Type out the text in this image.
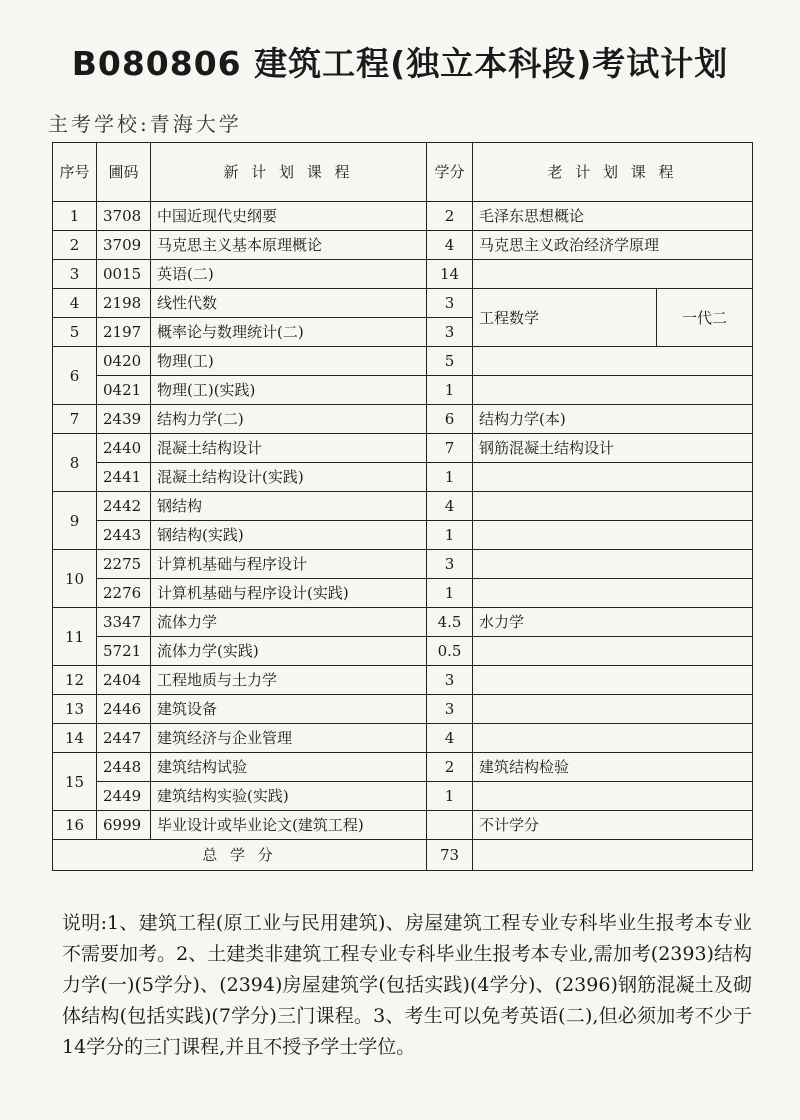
B080806 建筑工程(独立本科段)考试计划
主考学校:青海大学
序号	圃码	新 计 划 课 程	学分	老 计 划 课 程	
1	3708	中国近现代史纲要	2	毛泽东思想概论	
2	3709	马克思主义基本原理概论	4	马克思主义政治经济学原理	
3	0015	英语(二)	14		
4	2198	线性代数	3	工程数学	一代二
5	2197	概率论与数理统计(二)	3		
6	0420	物理(工)	5		
	0421	物理(工)(实践)	1		
7	2439	结构力学(二)	6	结构力学(本)	
8	2440	混凝土结构设计	7	钢筋混凝土结构设计	
	2441	混凝土结构设计(实践)	1		
9	2442	钢结构	4		
	2443	钢结构(实践)	1		
10	2275	计算机基础与程序设计	3		
	2276	计算机基础与程序设计(实践)	1		
11	3347	流体力学	4.5	水力学	
	5721	流体力学(实践)	0.5		
12	2404	工程地质与土力学	3		
13	2446	建筑设备	3		
14	2447	建筑经济与企业管理	4		
15	2448	建筑结构试验	2	建筑结构检验	
	2449	建筑结构实验(实践)	1		
16	6999	毕业设计或毕业论文(建筑工程)		不计学分	
总 学 分			73		
说明:1、建筑工程(原工业与民用建筑)、房屋建筑工程专业专科毕业生报考本专业不需要加考。2、土建类非建筑工程专业专科毕业生报考本专业,需加考(2393)结构力学(一)(5学分)、(2394)房屋建筑学(包括实践)(4学分)、(2396)钢筋混凝土及砌体结构(包括实践)(7学分)三门课程。3、考生可以免考英语(二),但必须加考不少于14学分的三门课程,并且不授予学士学位。
